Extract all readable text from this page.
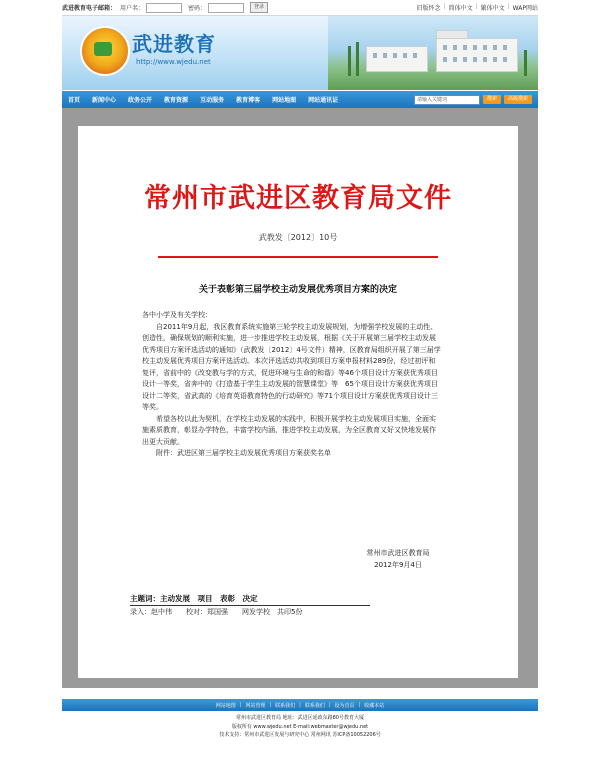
武进教育电子邮箱： 用户名：	密码：	登录	旧版怀念 | 简体中文 | 繁体中文 | WAP网站
武进教育
http://www.wjedu.net
首页	新闻中心	政务公开	教育资源	互动服务	教育博客	网站地图	网站通讯证	请输入关键词	搜索	高级搜索
常州市武进区教育局文件
武教发〔2012〕10号
关于表彰第三届学校主动发展优秀项目方案的决定

各中小学及有关学校：

自2011年9月起，我区教育系统实施第三轮学校主动发展规划，为增强学校发展的主动性、创造性，确保规划的顺利实施，进一步推进学校主动发展，根据《关于开展第三届学校主动发展优秀项目方案评选活动的通知》（武教发〔2012〕4号文件）精神，区教育局组织开展了第三届学校主动发展优秀项目方案评选活动。本次评选活动共收到项目方案申报材料289份，经过初评和复评，省前中的《改变教与学的方式，促进环境与生命的和谐》等46个项目设计方案获优秀项目设计一等奖，省奔中的《打造基于学生主动发展的智慧课堂》等　65个项目设计方案获优秀项目设计二等奖，省武高的《培育英语教育特色的行动研究》等71个项目设计方案获优秀项目设计三等奖。

希望各校以此为契机，在学校主动发展的实践中，积极开展学校主动发展项目实施，全面实施素质教育，彰显办学特色，丰富学校内涵，推进学校主动发展，为全区教育又好又快地发展作出更大贡献。

附件：武进区第三届学校主动发展优秀项目方案获奖名单

常州市武进区教育局
2012年9月4日
主题词：主动发展　项目　表彰　决定
录入：赵中伟 校对：郑国强 网发学校　共印5份
网站地图 | 网站管理 | 联系我们 | 联系我们 | 设为首页 | 收藏本站
常州市武进区教育局 地址：武进区延政东路80号教育大厦
版权所有 www.wjedu.net E-mail:webmaster@wjedu.net
技术支持：常州市武进区发展与研究中心 常州网讯 苏ICP备10052206号
